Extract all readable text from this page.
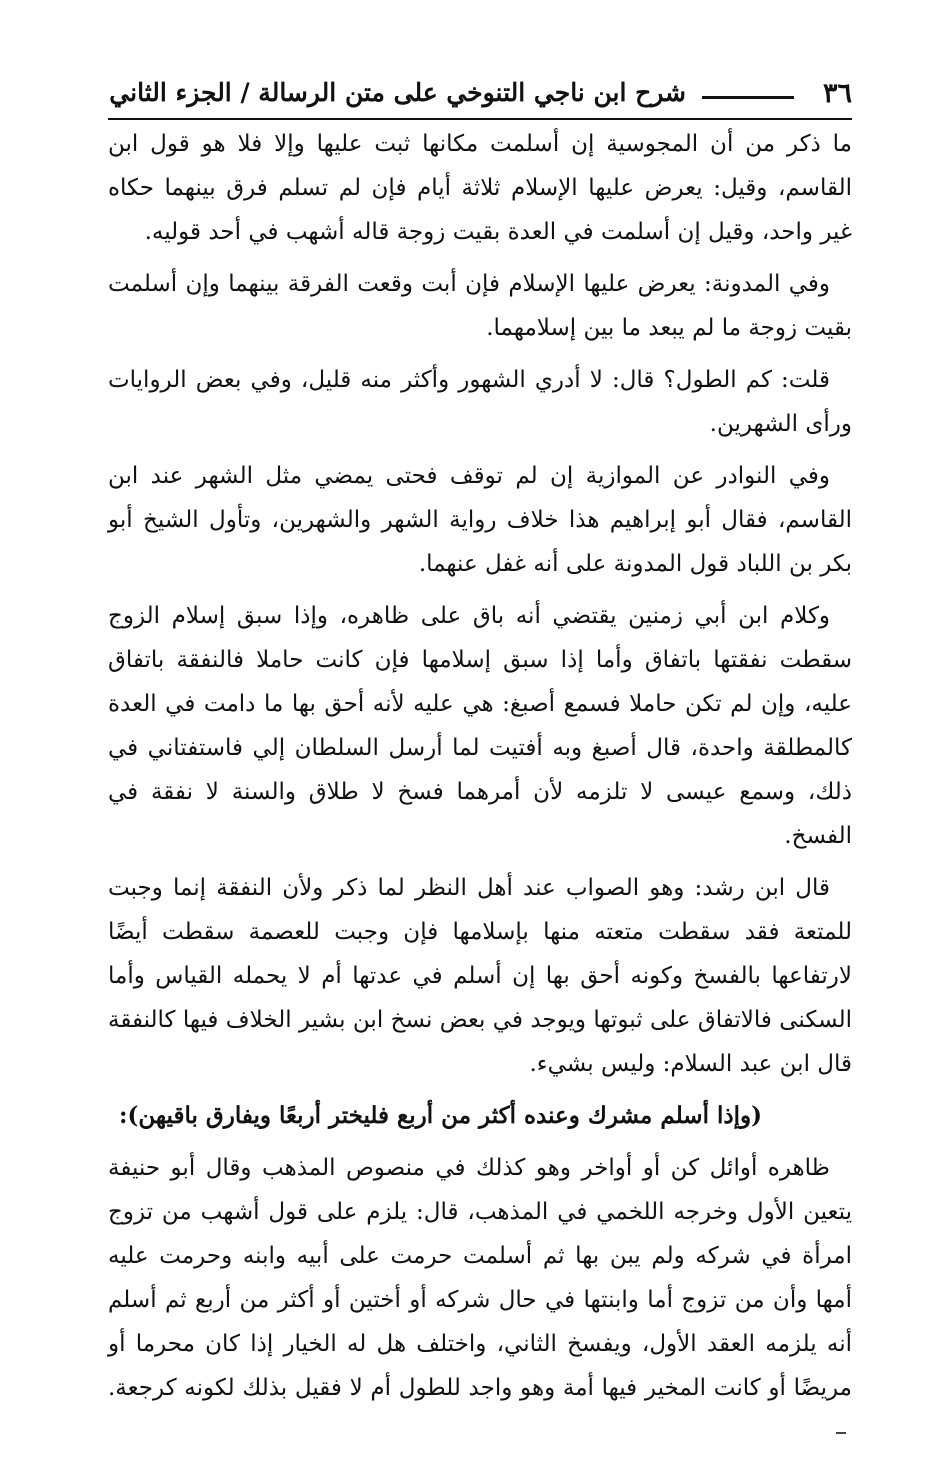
٣٦
شرح ابن ناجي التنوخي على متن الرسالة / الجزء الثاني

ما ذكر من أن المجوسية إن أسلمت مكانها ثبت عليها وإلا فلا هو قول ابن القاسم، وقيل: يعرض عليها الإسلام ثلاثة أيام فإن لم تسلم فرق بينهما حكاه غير واحد، وقيل إن أسلمت في العدة بقيت زوجة قاله أشهب في أحد قوليه.

وفي المدونة: يعرض عليها الإسلام فإن أبت وقعت الفرقة بينهما وإن أسلمت بقيت زوجة ما لم يبعد ما بين إسلامهما.

قلت: كم الطول؟ قال: لا أدري الشهور وأكثر منه قليل، وفي بعض الروايات ورأى الشهرين.

وفي النوادر عن الموازية إن لم توقف فحتى يمضي مثل الشهر عند ابن القاسم، فقال أبو إبراهيم هذا خلاف رواية الشهر والشهرين، وتأول الشيخ أبو بكر بن اللباد قول المدونة على أنه غفل عنهما.

وكلام ابن أبي زمنين يقتضي أنه باق على ظاهره، وإذا سبق إسلام الزوج سقطت نفقتها باتفاق وأما إذا سبق إسلامها فإن كانت حاملا فالنفقة باتفاق عليه، وإن لم تكن حاملا فسمع أصبغ: هي عليه لأنه أحق بها ما دامت في العدة كالمطلقة واحدة، قال أصبغ وبه أفتيت لما أرسل السلطان إلي فاستفتاني في ذلك، وسمع عيسى لا تلزمه لأن أمرهما فسخ لا طلاق والسنة لا نفقة في الفسخ.

قال ابن رشد: وهو الصواب عند أهل النظر لما ذكر ولأن النفقة إنما وجبت للمتعة فقد سقطت متعته منها بإسلامها فإن وجبت للعصمة سقطت أيضًا لارتفاعها بالفسخ وكونه أحق بها إن أسلم في عدتها أم لا يحمله القياس وأما السكنى فالاتفاق على ثبوتها ويوجد في بعض نسخ ابن بشير الخلاف فيها كالنفقة قال ابن عبد السلام: وليس بشيء.

(وإذا أسلم مشرك وعنده أكثر من أربع فليختر أربعًا ويفارق باقيهن):

ظاهره أوائل كن أو أواخر وهو كذلك في منصوص المذهب وقال أبو حنيفة يتعين الأول وخرجه اللخمي في المذهب، قال: يلزم على قول أشهب من تزوج امرأة في شركه ولم يبن بها ثم أسلمت حرمت على أبيه وابنه وحرمت عليه أمها وأن من تزوج أما وابنتها في حال شركه أو أختين أو أكثر من أربع ثم أسلم أنه يلزمه العقد الأول، ويفسخ الثاني، واختلف هل له الخيار إذا كان محرما أو مريضًا أو كانت المخير فيها أمة وهو واجد للطول أم لا فقيل بذلك لكونه كرجعة.
